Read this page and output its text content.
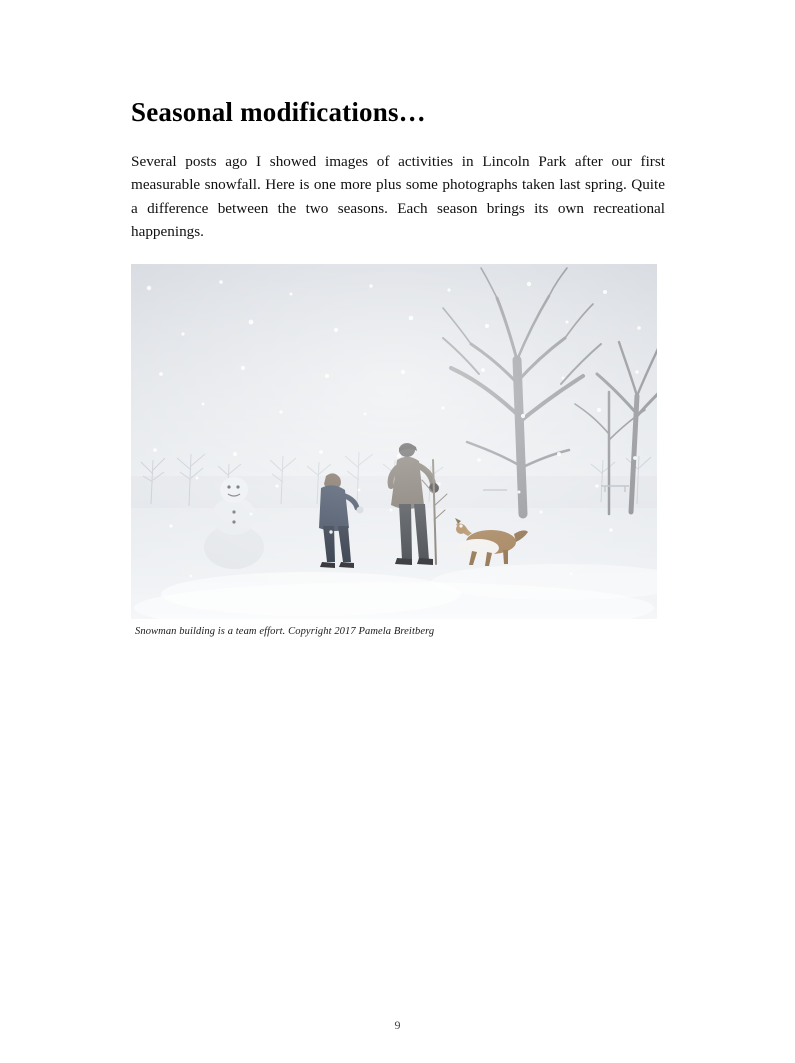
Seasonal modifications…

Several posts ago I showed images of activities in Lincoln Park after our first measurable snowfall. Here is one more plus some photographs taken last spring. Quite a difference between the two seasons. Each season brings its own recreational happenings.

Snowman building is a team effort. Copyright 2017 Pamela Breitberg
9
